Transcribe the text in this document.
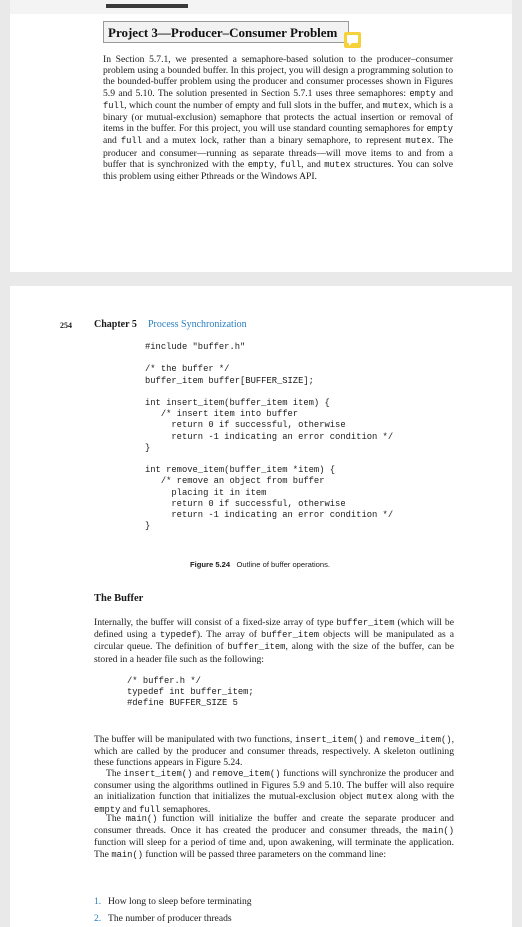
Project 3—Producer–Consumer Problem
In Section 5.7.1, we presented a semaphore-based solution to the producer–consumer problem using a bounded buffer. In this project, you will design a programming solution to the bounded-buffer problem using the producer and consumer processes shown in Figures 5.9 and 5.10. The solution presented in Section 5.7.1 uses three semaphores: empty and full, which count the number of empty and full slots in the buffer, and mutex, which is a binary (or mutual-exclusion) semaphore that protects the actual insertion or removal of items in the buffer. For this project, you will use standard counting semaphores for empty and full and a mutex lock, rather than a binary semaphore, to represent mutex. The producer and consumer—running as separate threads—will move items to and from a buffer that is synchronized with the empty, full, and mutex structures. You can solve this problem using either Pthreads or the Windows API.
254 Chapter 5 Process Synchronization
#include "buffer.h"

/* the buffer */
buffer_item buffer[BUFFER_SIZE];

int insert_item(buffer_item item) {
/* insert item into buffer
return 0 if successful, otherwise
return -1 indicating an error condition */
}

int remove_item(buffer_item *item) {
/* remove an object from buffer
placing it in item
return 0 if successful, otherwise
return -1 indicating an error condition */
}
Figure 5.24 Outline of buffer operations.
The Buffer

Internally, the buffer will consist of a fixed-size array of type buffer_item (which will be defined using a typedef). The array of buffer_item objects will be manipulated as a circular queue. The definition of buffer_item, along with the size of the buffer, can be stored in a header file such as the following:

/* buffer.h */
typedef int buffer_item;
#define BUFFER_SIZE 5

The buffer will be manipulated with two functions, insert_item() and remove_item(), which are called by the producer and consumer threads, respectively. A skeleton outlining these functions appears in Figure 5.24.

The insert_item() and remove_item() functions will synchronize the producer and consumer using the algorithms outlined in Figures 5.9 and 5.10. The buffer will also require an initialization function that initializes the mutual-exclusion object mutex along with the empty and full semaphores.

The main() function will initialize the buffer and create the separate producer and consumer threads. Once it has created the producer and consumer threads, the main() function will sleep for a period of time and, upon awakening, will terminate the application. The main() function will be passed three parameters on the command line:

1. How long to sleep before terminating
2. The number of producer threads
